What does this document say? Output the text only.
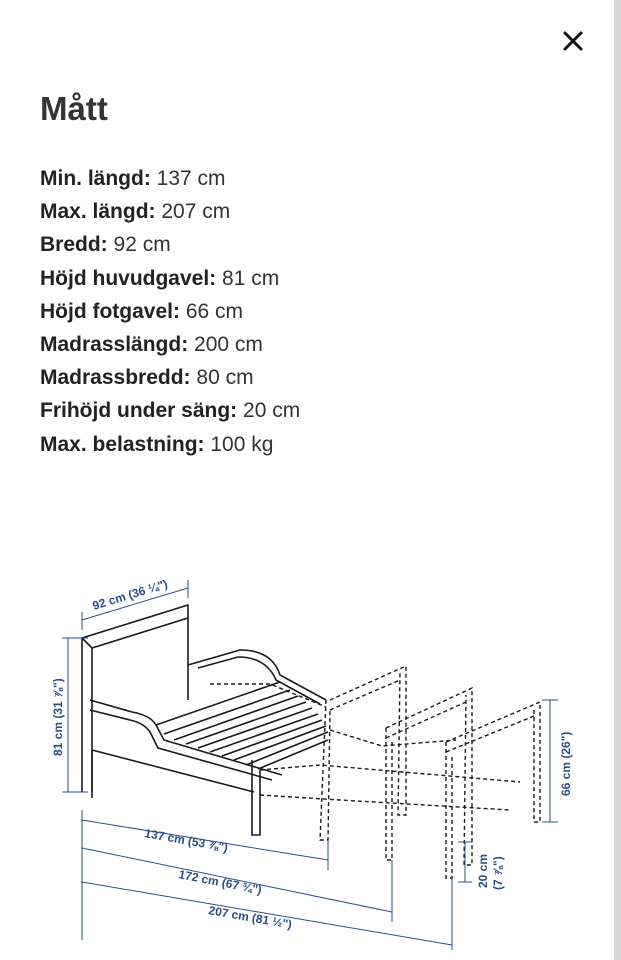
Mått
Min. längd: 137 cm
Max. längd: 207 cm
Bredd: 92 cm
Höjd huvudgavel: 81 cm
Höjd fotgavel: 66 cm
Madrasslängd: 200 cm
Madrassbredd: 80 cm
Frihöjd under säng: 20 cm
Max. belastning: 100 kg
92 cm (36 ¼")
81 cm (31 ⅞")
66 cm (26")
20 cm (7 ⅞")
137 cm (53 ⅞")
172 cm (67 ¾")
207 cm (81 ½")
